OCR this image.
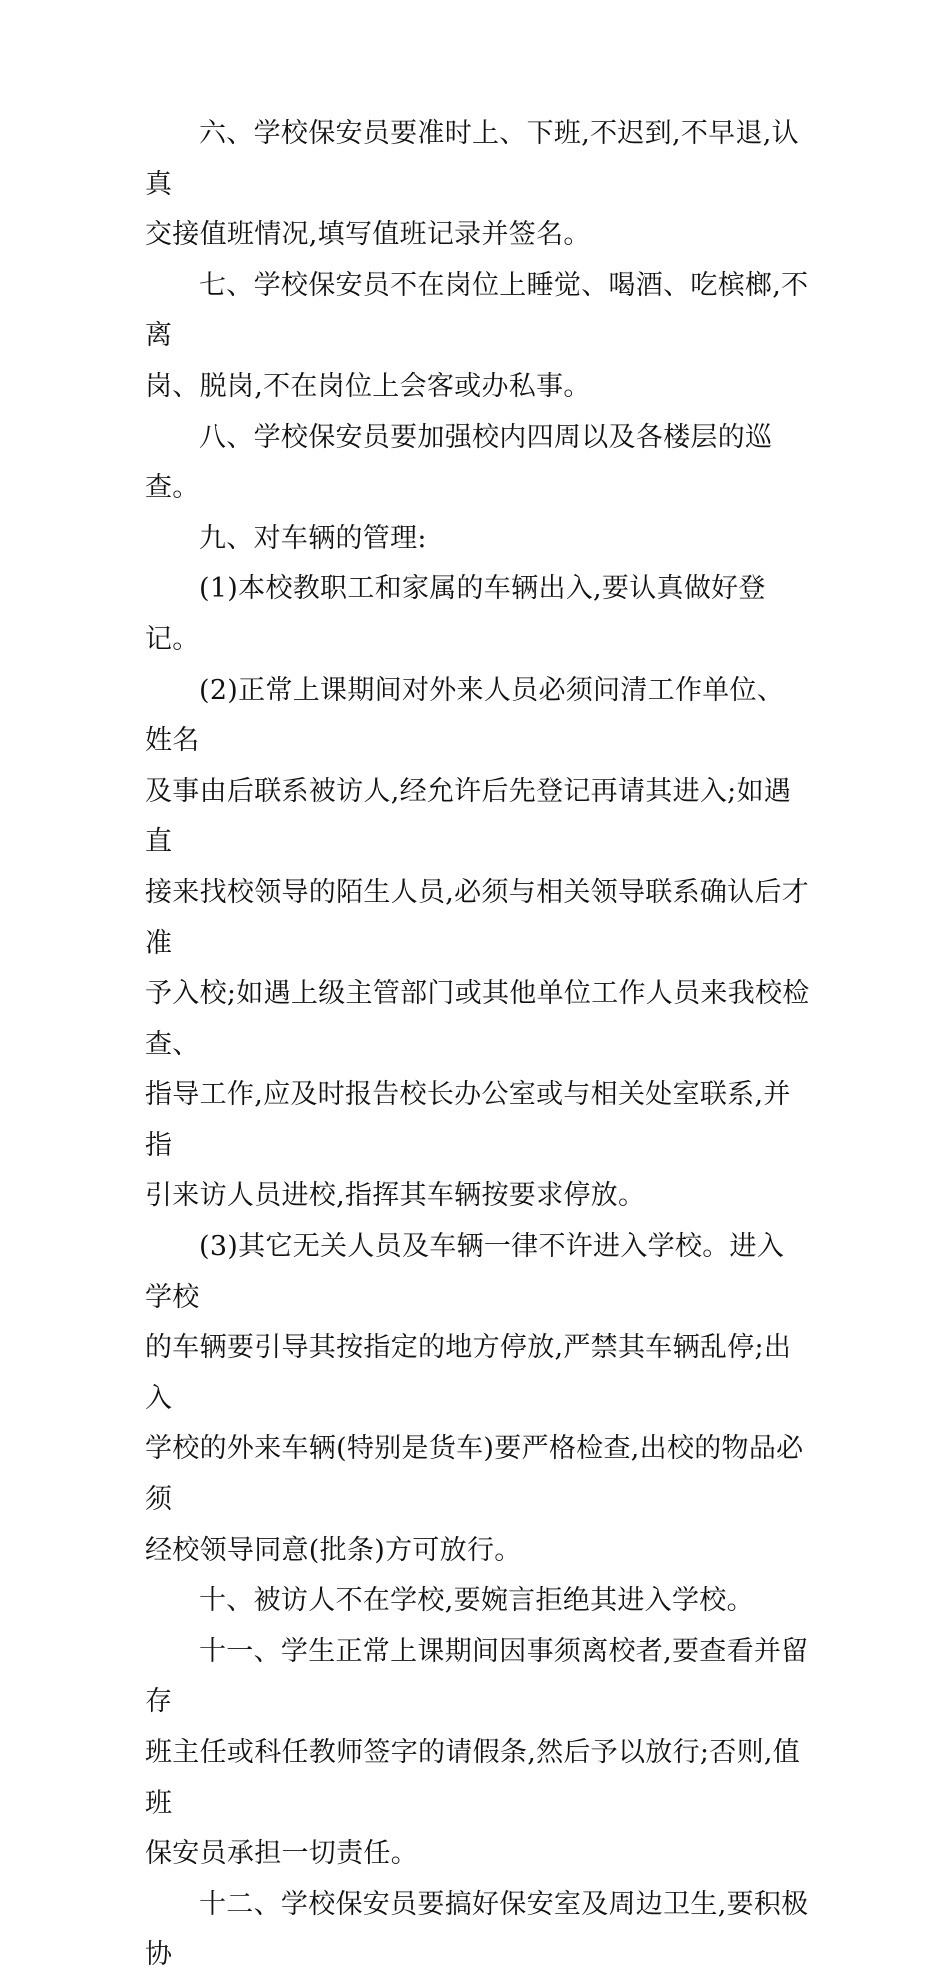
六、学校保安员要准时上、下班,不迟到,不早退,认真
交接值班情况,填写值班记录并签名。
七、学校保安员不在岗位上睡觉、喝酒、吃槟榔,不离
岗、脱岗,不在岗位上会客或办私事。
八、学校保安员要加强校内四周以及各楼层的巡查。
九、对车辆的管理:
(1)本校教职工和家属的车辆出入,要认真做好登记。
(2)正常上课期间对外来人员必须问清工作单位、姓名
及事由后联系被访人,经允许后先登记再请其进入;如遇直
接来找校领导的陌生人员,必须与相关领导联系确认后才准
予入校;如遇上级主管部门或其他单位工作人员来我校检查、
指导工作,应及时报告校长办公室或与相关处室联系,并指
引来访人员进校,指挥其车辆按要求停放。
(3)其它无关人员及车辆一律不许进入学校。进入学校
的车辆要引导其按指定的地方停放,严禁其车辆乱停;出入
学校的外来车辆(特别是货车)要严格检查,出校的物品必须
经校领导同意(批条)方可放行。
十、被访人不在学校,要婉言拒绝其进入学校。
十一、学生正常上课期间因事须离校者,要查看并留存
班主任或科任教师签字的请假条,然后予以放行;否则,值班
保安员承担一切责任。
十二、学校保安员要搞好保安室及周边卫生,要积极协
